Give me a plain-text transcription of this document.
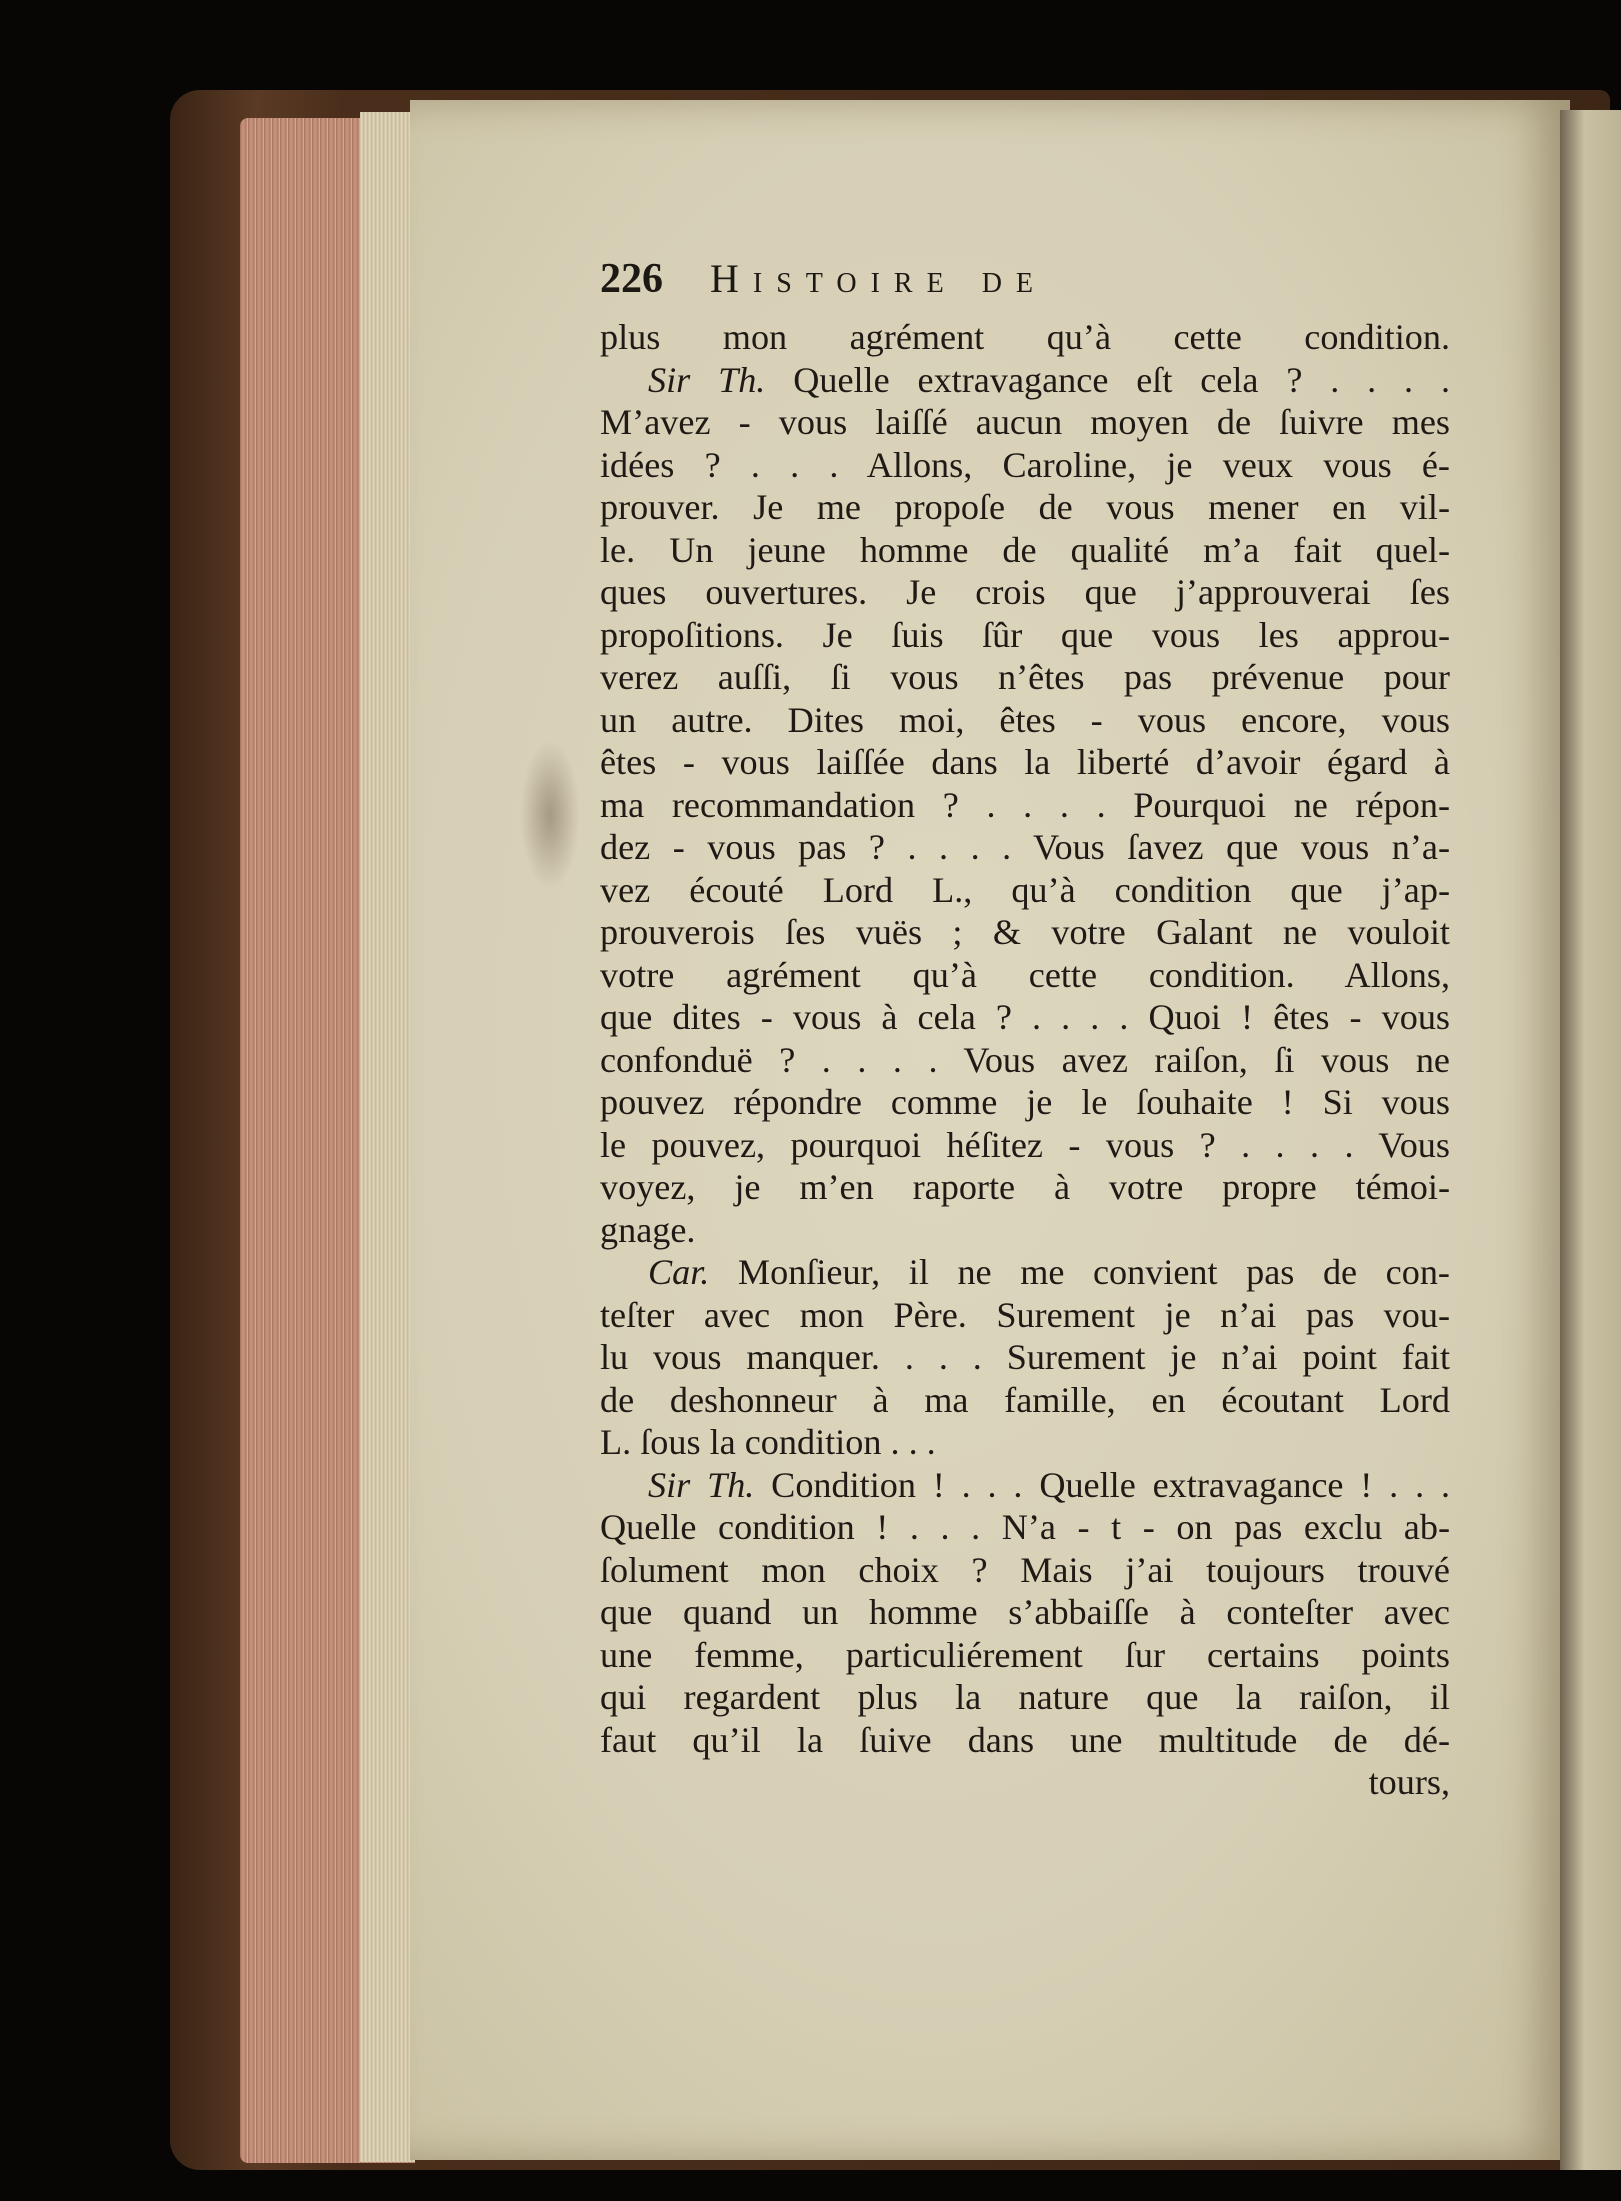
226 Histoire de
plus mon agrément qu’à cette condition.
Sir Th. Quelle extravagance eſt cela ? . . . .
M’avez - vous laiſſé aucun moyen de ſuivre mes
idées ? . . . Allons, Caroline, je veux vous é-
prouver. Je me propoſe de vous mener en vil-
le. Un jeune homme de qualité m’a fait quel-
ques ouvertures. Je crois que j’approuverai ſes
propoſitions. Je ſuis ſûr que vous les approu-
verez auſſi, ſi vous n’êtes pas prévenue pour
un autre. Dites moi, êtes - vous encore, vous
êtes - vous laiſſée dans la liberté d’avoir égard à
ma recommandation ? . . . . Pourquoi ne répon-
dez - vous pas ? . . . . Vous ſavez que vous n’a-
vez écouté Lord L., qu’à condition que j’ap-
prouverois ſes vuës ; & votre Galant ne vouloit
votre agrément qu’à cette condition. Allons,
que dites - vous à cela ? . . . . Quoi ! êtes - vous
confonduë ? . . . . Vous avez raiſon, ſi vous ne
pouvez répondre comme je le ſouhaite ! Si vous
le pouvez, pourquoi héſitez - vous ? . . . . Vous
voyez, je m’en raporte à votre propre témoi-
gnage.
Car. Monſieur, il ne me convient pas de con-
teſter avec mon Père. Surement je n’ai pas vou-
lu vous manquer. . . . Surement je n’ai point fait
de deshonneur à ma famille, en écoutant Lord
L. ſous la condition . . .
Sir Th. Condition ! . . . Quelle extravagance ! . . .
Quelle condition ! . . . N’a - t - on pas exclu ab-
ſolument mon choix ? Mais j’ai toujours trouvé
que quand un homme s’abbaiſſe à conteſter avec
une femme, particuliérement ſur certains points
qui regardent plus la nature que la raiſon, il
faut qu’il la ſuive dans une multitude de dé-
tours,
